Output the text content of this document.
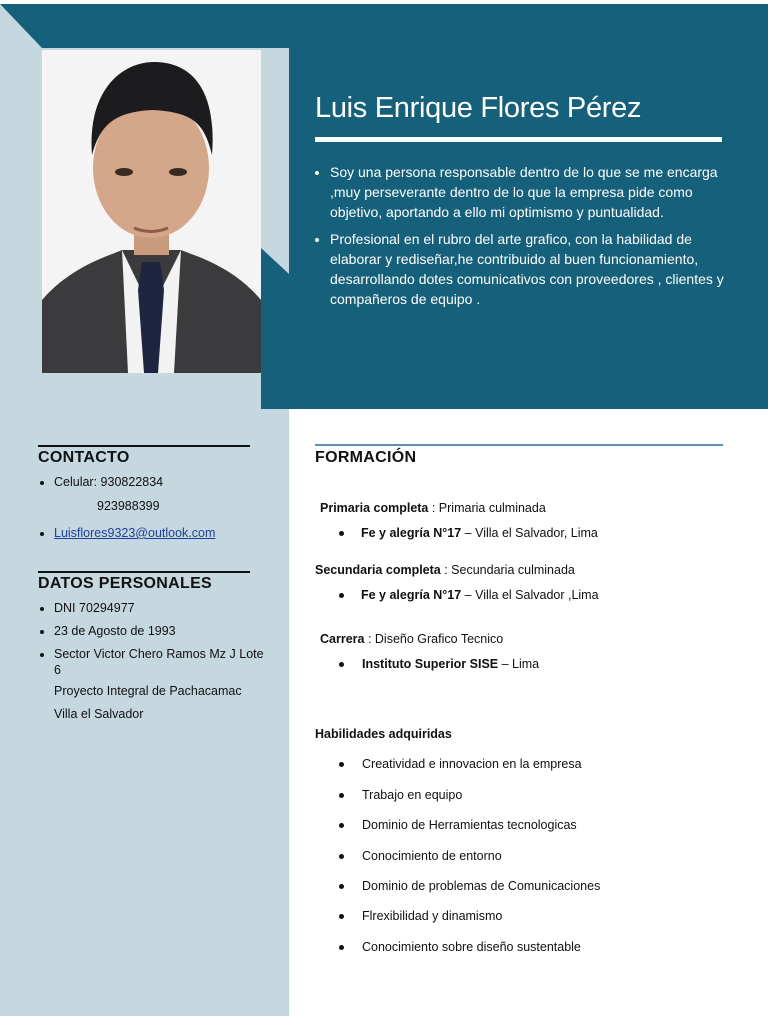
Luis Enrique Flores Pérez
• Soy una persona responsable dentro de lo que se me encarga ,muy perseverante dentro de lo que la empresa pide como objetivo, aportando a ello mi optimismo y puntualidad.
• Profesional en el rubro del arte grafico, con la habilidad de elaborar y rediseñar,he contribuido al buen funcionamiento, desarrollando dotes comunicativos con proveedores , clientes y compañeros de equipo .
CONTACTO
• Celular: 930822834
923988399
• Luisflores9323@outlook.com
DATOS PERSONALES
• DNI 70294977
• 23 de Agosto de 1993
• Sector Victor Chero Ramos Mz J Lote 6
Proyecto Integral de Pachacamac
Villa el Salvador
FORMACIÓN
Primaria completa : Primaria culminada
Fe y alegría N°17 – Villa el Salvador, Lima
Secundaria completa : Secundaria culminada
Fe y alegría N°17 – Villa el Salvador ,Lima
Carrera : Diseño Grafico Tecnico
Instituto Superior SISE – Lima
Habilidades adquiridas
Creatividad e innovacion en la empresa
Trabajo en equipo
Dominio de Herramientas tecnologicas
Conocimiento de entorno
Dominio de problemas de Comunicaciones
Flrexibilidad y dinamismo
Conocimiento sobre diseño sustentable
